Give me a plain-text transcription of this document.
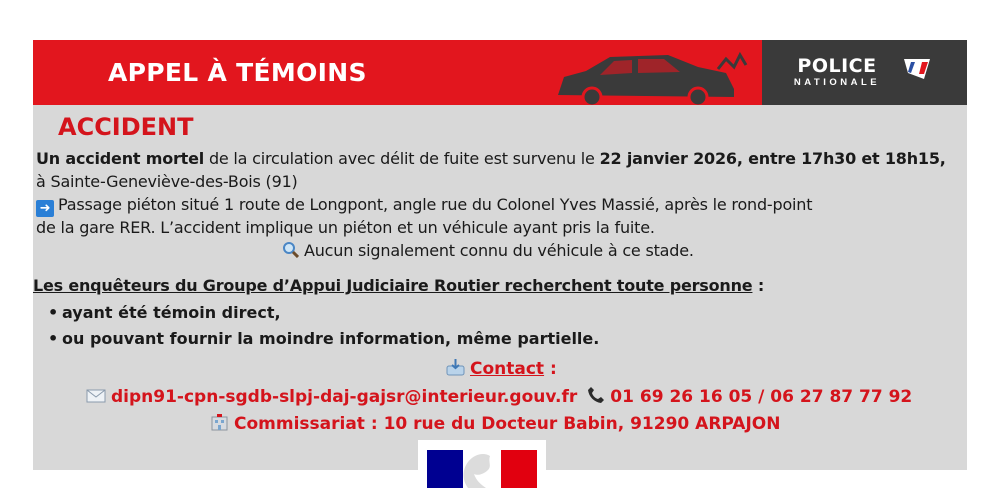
APPEL À TÉMOINS	POLICE
NATIONALE
ACCIDENT
Un accident mortel de la circulation avec délit de fuite est survenu le 22 janvier 2026, entre 17h30 et 18h15,
à Sainte-Geneviève-des-Bois (91)
➜ Passage piéton situé 1 route de Longpont, angle rue du Colonel Yves Massié, après le rond-point
de la gare RER. L’accident implique un piéton et un véhicule ayant pris la fuite.
Aucun signalement connu du véhicule à ce stade.
Les enquêteurs du Groupe d’Appui Judiciaire Routier recherchent toute personne :
• ayant été témoin direct,
• ou pouvant fournir la moindre information, même partielle.
Contact :
dipn91-cpn-sgdb-slpj-daj-gajsr@interieur.gouv.fr 01 69 26 16 05 / 06 27 87 77 92
Commissariat : 10 rue du Docteur Babin, 91290 ARPAJON
